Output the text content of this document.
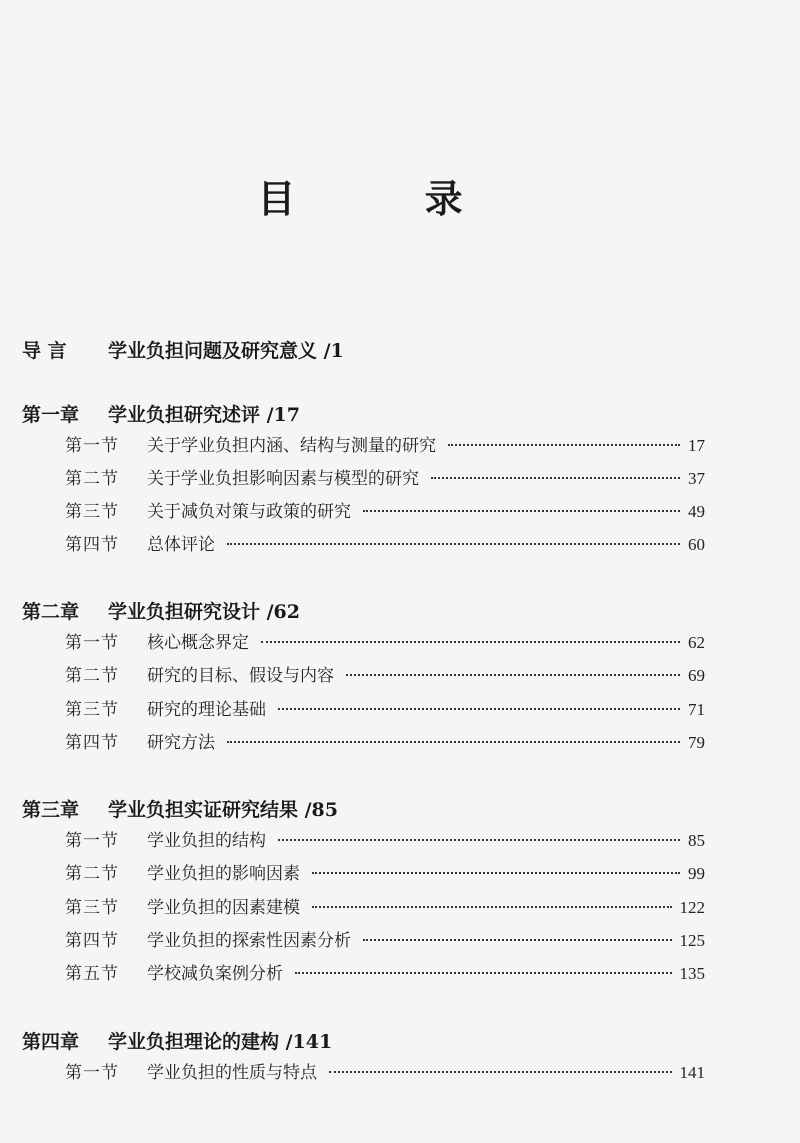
目 录
导 言 学业负担问题及研究意义 /1
第一章 学业负担研究述评 /17
第一节	关于学业负担内涵、结构与测量的研究	17
第二节	关于学业负担影响因素与模型的研究	37
第三节	关于减负对策与政策的研究	49
第四节	总体评论	60
第二章 学业负担研究设计 /62
第一节	核心概念界定	62
第二节	研究的目标、假设与内容	69
第三节	研究的理论基础	71
第四节	研究方法	79
第三章 学业负担实证研究结果 /85
第一节	学业负担的结构	85
第二节	学业负担的影响因素	99
第三节	学业负担的因素建模	122
第四节	学业负担的探索性因素分析	125
第五节	学校减负案例分析	135
第四章 学业负担理论的建构 /141
第一节	学业负担的性质与特点	141
